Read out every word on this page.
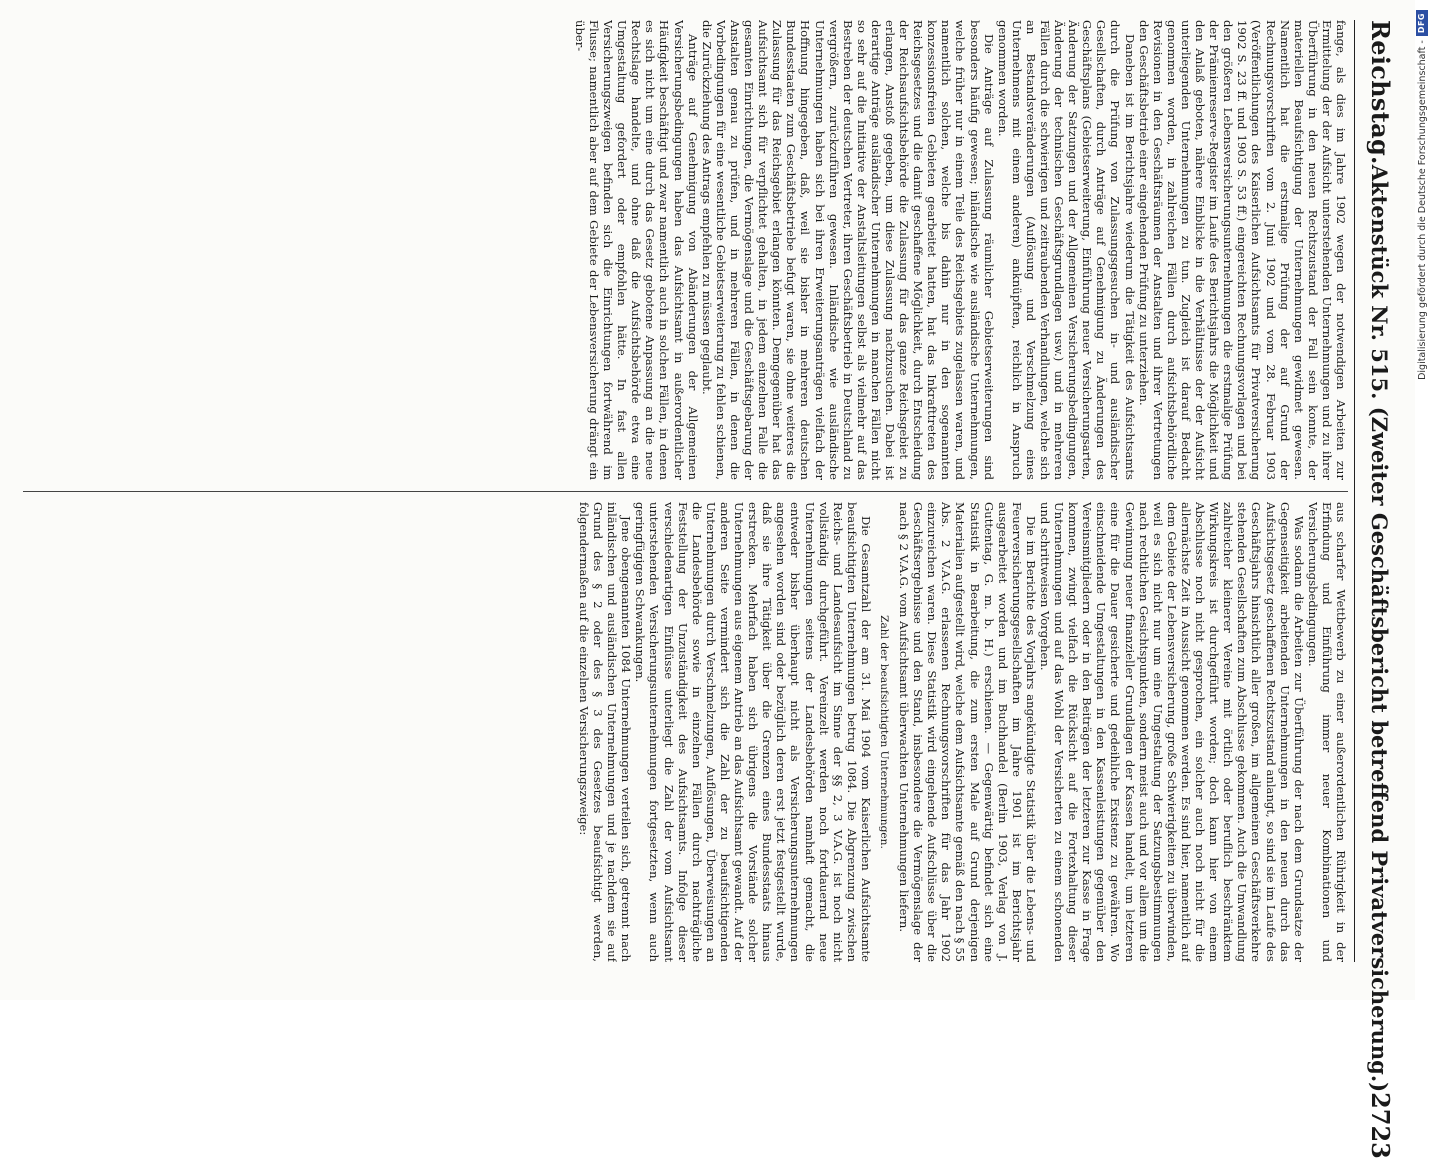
Reichstag.
Aktenstück Nr. 515. (Zweiter Geschäftsbericht betreffend Privatversicherung.)
2723

fange, als dies im Jahre 1902 wegen der notwendigen Arbeiten zur Ermittelung der der Aufsicht unterstehenden Unternehmungen und zu ihrer Überführung in den neuen Rechtszustand der Fall sein konnte, der materiellen Beaufsichtigung der Unternehmungen gewidmet gewesen. Namentlich hat die erstmalige Prüfung der auf Grund der Rechnungsvorschriften vom 2. Juni 1902 und vom 28. Februar 1903 (Veröffentlichungen des Kaiserlichen Aufsichtsamts für Privatversicherung 1902 S. 23 ff. und 1903 S. 53 ff.) eingereichten Rechnungsvorlagen und bei den größeren Lebensversicherungsunternehmungen die erstmalige Prüfung der Prämienreserve-Register im Laufe des Berichtsjahrs die Möglichkeit und den Anlaß geboten, nähere Einblicke in die Verhältnisse der der Aufsicht unterliegenden Unternehmungen zu tun. Zugleich ist darauf Bedacht genommen worden, in zahlreichen Fällen durch aufsichtsbehördliche Revisionen in den Geschäftsräumen der Anstalten und ihrer Vertretungen den Geschäftsbetrieb einer eingehenden Prüfung zu unterziehen.

Daneben ist im Berichtsjahre wiederum die Tätigkeit des Aufsichtsamts durch die Prüfung von Zulassungsgesuchen in- und ausländischer Gesellschaften, durch Anträge auf Genehmigung zu Änderungen des Geschäftsplans (Gebietserweiterung, Einführung neuer Versicherungsarten, Änderung der Satzungen und der Allgemeinen Versicherungsbedingungen, Änderung der technischen Geschäftsgrundlagen usw.) und in mehreren Fällen durch die schwierigen und zeitraubenden Verhandlungen, welche sich an Bestandsveränderungen (Auflösung und Verschmelzung eines Unternehmens mit einem anderen) anknüpften, reichlich in Anspruch genommen worden.

Die Anträge auf Zulassung räumlicher Gebietserweiterungen sind besonders häufig gewesen; inländische wie ausländische Unternehmungen, welche früher nur in einem Teile des Reichsgebiets zugelassen waren, und namentlich solchen, welche bis dahin nur in den sogenannten konzessionsfreien Gebieten gearbeitet hatten, hat das Inkrafttreten des Reichsgesetzes und die damit geschaffene Möglichkeit, durch Entscheidung der Reichsaufsichtsbehörde die Zulassung für das ganze Reichsgebiet zu erlangen, Anstoß gegeben, um diese Zulassung nachzusuchen. Dabei ist derartige Anträge ausländischer Unternehmungen in manchen Fällen nicht so sehr auf die Initiative der Anstaltsleitungen selbst als vielmehr auf das Bestreben der deutschen Vertreter, ihren Geschäftsbetrieb in Deutschland zu vergrößern, zurückzuführen gewesen. Inländische wie ausländische Unternehmungen haben sich bei ihren Erweiterungsanträgen vielfach der Hoffnung hingegeben, daß, weil sie bisher in mehreren deutschen Bundesstaaten zum Geschäftsbetriebe befugt waren, sie ohne weiteres die Zulassung für das Reichsgebiet erlangen könnten. Demgegenüber hat das Aufsichtsamt sich für verpflichtet gehalten, in jedem einzelnen Falle die gesamten Einrichtungen, die Vermögenslage und die Geschäftsgebarung der Anstalten genau zu prüfen, und in mehreren Fällen, in denen die Vorbedingungen für eine wesentliche Gebietserweiterung zu fehlen schienen, die Zurückziehung des Antrags empfehlen zu müssen geglaubt.

Anträge auf Genehmigung von Abänderungen der Allgemeinen Versicherungsbedingungen haben das Aufsichtsamt in außerordentlicher Häufigkeit beschäftigt und zwar namentlich auch in solchen Fällen, in denen es sich nicht um eine durch das Gesetz gebotene Anpassung an die neue Rechtslage handelte, und ohne daß die Aufsichtsbehörde etwa eine Umgestaltung gefordert oder empfohlen hätte. In fast allen Versicherungszweigen befinden sich die Einrichtungen fortwährend im Flusse; namentlich aber auf dem Gebiete der Lebensversicherung drängt ein über-

aus scharfer Wettbewerb zu einer außerordentlichen Rührigkeit in der Erfindung und Einführung immer neuer Kombinationen und Versicherungsbedingungen.

Was sodann die Arbeiten zur Überführung der nach dem Grundsatze der Gegenseitigkeit arbeitenden Unternehmungen in den neuen durch das Aufsichtsgesetz geschaffenen Rechtszustand anlangt, so sind sie im Laufe des Geschäftsjahrs hinsichtlich aller großen, im allgemeinen Geschäftsverkehre stehenden Gesellschaften zum Abschlusse gekommen. Auch die Umwandlung zahlreicher kleinerer Vereine mit örtlich oder beruflich beschränktem Wirkungskreis ist durchgeführt worden; doch kann hier von einem Abschlusse noch nicht gesprochen, ein solcher auch noch nicht für die allernächste Zeit in Aussicht genommen werden. Es sind hier, namentlich auf dem Gebiete der Lebensversicherung, große Schwierigkeiten zu überwinden, weil es sich nicht nur um eine Umgestaltung der Satzungsbestimmungen nach rechtlichen Gesichtspunkten, sondern meist auch und vor allem um die Gewinnung neuer finanzieller Grundlagen der Kassen handelt, um letzteren eine für die Dauer gesicherte und gedeihliche Existenz zu gewähren. Wo einschneidende Umgestaltungen in den Kassenleistungen gegenüber den Vereinsmitgliedern oder in den Beiträgen der letzteren zur Kasse in Frage kommen, zwingt vielfach die Rücksicht auf die Fortexhaltung dieser Unternehmungen und auf das Wohl der Versicherten zu einem schonenden und schrittweisen Vorgehen.

Die im Berichte des Vorjahrs angekündigte Statistik über die Lebens- und Feuerversicherungsgesellschaften im Jahre 1901 ist im Berichtsjahr ausgearbeitet worden und im Buchhandel (Berlin 1903, Verlag von J. Guttentag, G. m. b. H.) erschienen. — Gegenwärtig befindet sich eine Statistik in Bearbeitung, die zum ersten Male auf Grund derjenigen Materialien aufgestellt wird, welche dem Aufsichtsamte gemäß den nach § 55 Abs. 2 V.A.G. erlassenen Rechnungsvorschriften für das Jahr 1902 einzureichen waren. Diese Statistik wird eingehende Aufschlüsse über die Geschäftsergebnisse und den Stand, insbesondere die Vermögenslage der nach § 2 V.A.G. vom Aufsichtsamt überwachten Unternehmungen liefern.

Zahl der beaufsichtigten Unternehmungen.

Die Gesamtzahl der am 31. Mai 1904 vom Kaiserlichen Aufsichtsamte beaufsichtigten Unternehmungen betrug 1084. Die Abgrenzung zwischen Reichs- und Landesaufsicht im Sinne der §§ 2, 3 V.A.G. ist noch nicht vollständig durchgeführt. Vereinzelt werden noch fortdauernd neue Unternehmungen seitens der Landesbehörden namhaft gemacht, die entweder bisher überhaupt nicht als Versicherungsunternehmungen angesehen worden sind oder bezüglich deren erst jetzt festgestellt wurde, daß sie ihre Tätigkeit über die Grenzen eines Bundesstaats hinaus erstrecken. Mehrfach haben sich übrigens die Vorstände solcher Unternehmungen aus eigenem Antrieb an das Aufsichtsamt gewandt. Auf der anderen Seite vermindert sich die Zahl der zu beaufsichtigenden Unternehmungen durch Verschmelzungen, Auflösungen, Überweisungen an die Landesbehörde sowie in einzelnen Fällen durch nachträgliche Feststellung der Unzuständigkeit des Aufsichtsamts. Infolge dieser verschiedenartigen Einflüsse unterliegt die Zahl der vom Aufsichtsamt unterstehenden Versicherungsunternehmungen fortgesetzten, wenn auch geringfügigen Schwankungen.

Jene obengenannten 1084 Unternehmungen verteilen sich, getrennt nach inländischen und ausländischen Unternehmungen und je nachdem sie auf Grund des § 2 oder des § 3 des Gesetzes beaufsichtigt werden, folgendermaßen auf die einzelnen Versicherungszweige:

Digitalisierung gefördert durch die Deutsche Forschungsgemeinschaft -
DFG
